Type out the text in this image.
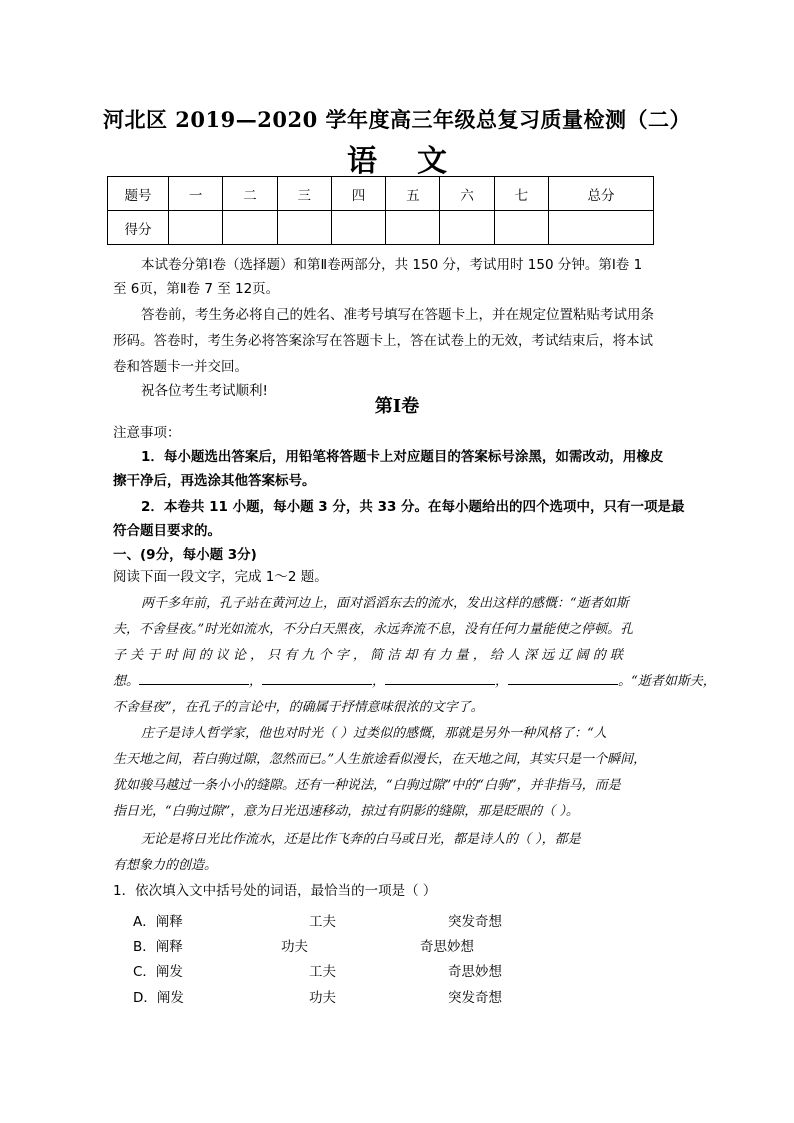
河北区 2019—2020 学年度高三年级总复习质量检测（二）
语文
题号	一	二	三	四	五	六	七	总分
得分								
本试卷分第Ⅰ卷（选择题）和第Ⅱ卷两部分，共 150 分，考试用时 150 分钟。第Ⅰ卷 1
至 6页，第Ⅱ卷 7 至 12页。
答卷前，考生务必将自己的姓名、准考号填写在答题卡上，并在规定位置粘贴考试用条
形码。答卷时，考生务必将答案涂写在答题卡上，答在试卷上的无效，考试结束后，将本试
卷和答题卡一并交回。
祝各位考生考试顺利!
第Ⅰ卷
注意事项：
1．每小题选出答案后，用铅笔将答题卡上对应题目的答案标号涂黑，如需改动，用橡皮
擦干净后，再选涂其他答案标号。
2．本卷共 11 小题，每小题 3 分，共 33 分。在每小题给出的四个选项中，只有一项是最
符合题目要求的。
一、(9分，每小题 3分)
阅读下面一段文字，完成 1～2 题。
两千多年前，孔子站在黄河边上，面对滔滔东去的流水，发出这样的感慨：“逝者如斯
夫，不舍昼夜。”时光如流水，不分白天黑夜，永远奔流不息，没有任何力量能使之停顿。孔
子 关 于 时 间 的 议 论 ， 只 有 九 个 字 ， 简 洁 却 有 力 量 ， 给 人 深 远 辽 阔 的 联
想。	，	，	，	。“逝者如斯夫，
不舍昼夜”，在孔子的言论中，的确属于抒情意味很浓的文字了。
庄子是诗人哲学家，他也对时光（ ）过类似的感慨，那就是另外一种风格了：“人
生天地之间，若白驹过隙，忽然而已。”人生旅途看似漫长，在天地之间，其实只是一个瞬间，
犹如骏马越过一条小小的缝隙。还有一种说法，“白驹过隙”中的“白驹”，并非指马，而是
指日光，“白驹过隙”，意为日光迅速移动，掠过有阴影的缝隙，那是眨眼的（ ）。
无论是将日光比作流水，还是比作飞奔的白马或日光，都是诗人的（ ），都是
有想象力的创造。
1．依次填入文中括号处的词语，最恰当的一项是（ ）
A．阐释	工夫	突发奇想
B．阐释	功夫	奇思妙想
C．阐发	工夫	奇思妙想
D．阐发	功夫	突发奇想
